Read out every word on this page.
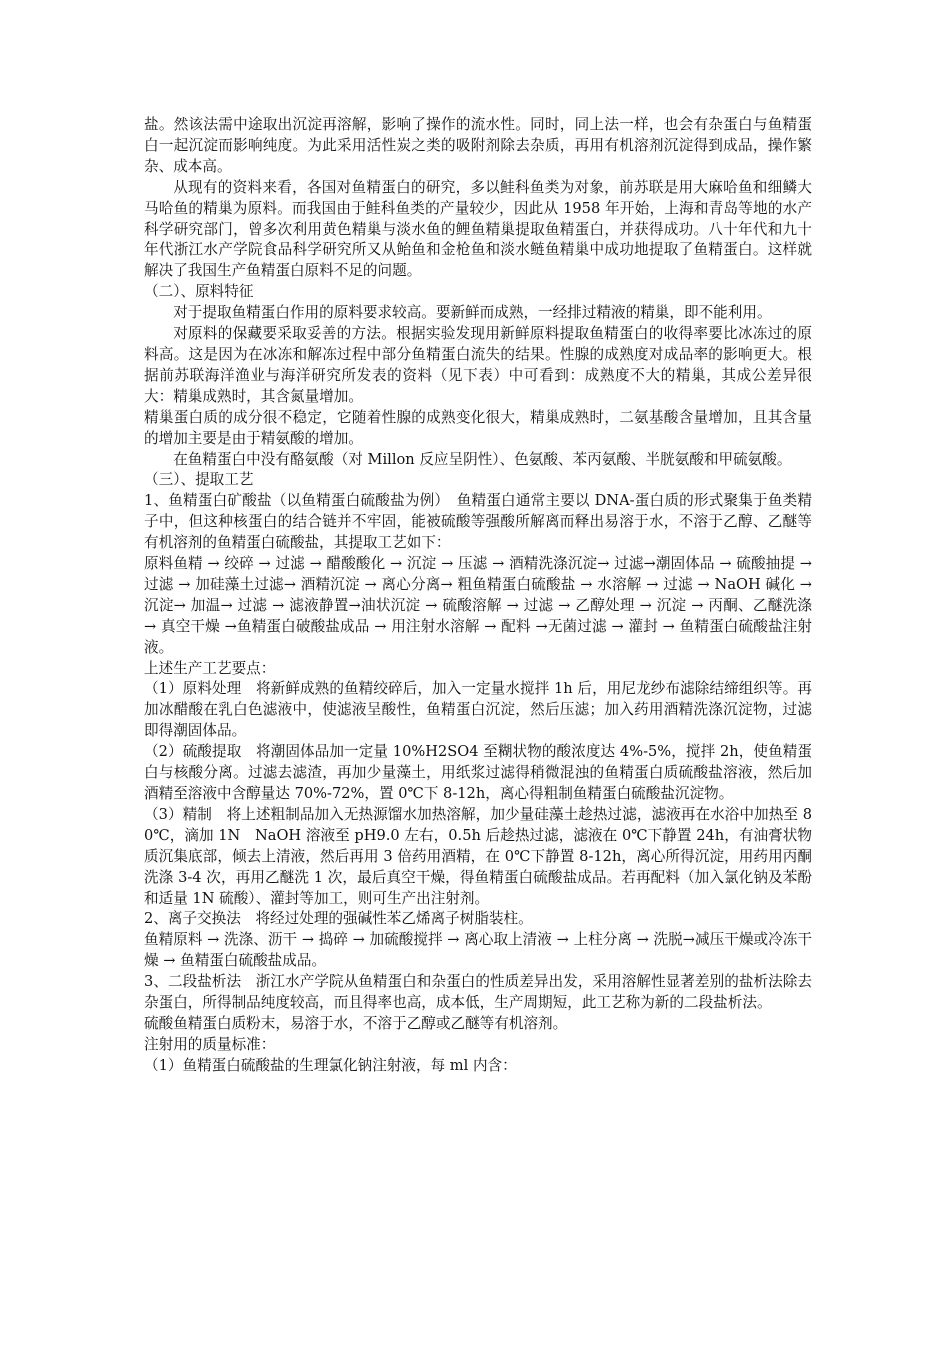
盐。然该法需中途取出沉淀再溶解，影响了操作的流水性。同时，同上法一样，也会有杂蛋白与鱼精蛋白一起沉淀而影响纯度。为此采用活性炭之类的吸附剂除去杂质，再用有机溶剂沉淀得到成品，操作繁杂、成本高。

从现有的资料来看，各国对鱼精蛋白的研究，多以鲑科鱼类为对象，前苏联是用大麻哈鱼和细鳞大马哈鱼的精巢为原料。而我国由于鲑科鱼类的产量较少，因此从 1958 年开始，上海和青岛等地的水产科学研究部门，曾多次利用黄色精巢与淡水鱼的鲤鱼精巢提取鱼精蛋白，并获得成功。八十年代和九十年代浙江水产学院食品科学研究所又从鲐鱼和金枪鱼和淡水鲢鱼精巢中成功地提取了鱼精蛋白。这样就解决了我国生产鱼精蛋白原料不足的问题。

（二）、原料特征

对于提取鱼精蛋白作用的原料要求较高。要新鲜而成熟，一经排过精液的精巢，即不能利用。

对原料的保藏要采取妥善的方法。根据实验发现用新鲜原料提取鱼精蛋白的收得率要比冰冻过的原料高。这是因为在冰冻和解冻过程中部分鱼精蛋白流失的结果。性腺的成熟度对成品率的影响更大。根据前苏联海洋渔业与海洋研究所发表的资料（见下表）中可看到：成熟度不大的精巢，其成公差异很大：精巢成熟时，其含氮量增加。

精巢蛋白质的成分很不稳定，它随着性腺的成熟变化很大，精巢成熟时，二氨基酸含量增加，且其含量的增加主要是由于精氨酸的增加。

在鱼精蛋白中没有酪氨酸（对 Millon 反应呈阴性）、色氨酸、苯丙氨酸、半胱氨酸和甲硫氨酸。

（三）、提取工艺

1、鱼精蛋白矿酸盐（以鱼精蛋白硫酸盐为例）　鱼精蛋白通常主要以 DNA-蛋白质的形式聚集于鱼类精子中，但这种核蛋白的结合链并不牢固，能被硫酸等强酸所解离而释出易溶于水，不溶于乙醇、乙醚等有机溶剂的鱼精蛋白硫酸盐，其提取工艺如下：

原料鱼精 → 绞碎 → 过滤 → 醋酸酸化 → 沉淀 → 压滤 → 酒精洗涤沉淀→ 过滤→潮固体品 → 硫酸抽提 → 过滤 → 加硅藻土过滤→ 酒精沉淀 → 离心分离→ 粗鱼精蛋白硫酸盐 → 水溶解 → 过滤 → NaOH 碱化 → 沉淀→ 加温→ 过滤 → 滤液静置→油状沉淀 → 硫酸溶解 → 过滤 → 乙醇处理 → 沉淀 → 丙酮、乙醚洗涤 → 真空干燥 →鱼精蛋白破酸盐成品 → 用注射水溶解 → 配料 →无菌过滤 → 灌封 → 鱼精蛋白硫酸盐注射液。

上述生产工艺要点：

（1）原料处理　将新鲜成熟的鱼精绞碎后，加入一定量水搅拌 1h 后，用尼龙纱布滤除结缔组织等。再加冰醋酸在乳白色滤液中，使滤液呈酸性，鱼精蛋白沉淀，然后压滤；加入药用酒精洗涤沉淀物，过滤即得潮固体品。

（2）硫酸提取　将潮固体品加一定量 10%H2SO4 至糊状物的酸浓度达 4%-5%，搅拌 2h，使鱼精蛋白与核酸分离。过滤去滤渣，再加少量藻土，用纸浆过滤得稍微混浊的鱼精蛋白质硫酸盐溶液，然后加酒精至溶液中含醇量达 70%-72%，置 0℃下 8-12h，离心得粗制鱼精蛋白硫酸盐沉淀物。

（3）精制　将上述粗制品加入无热源馏水加热溶解，加少量硅藻土趁热过滤，滤液再在水浴中加热至 80℃，滴加 1N　NaOH 溶液至 pH9.0 左右，0.5h 后趁热过滤，滤液在 0℃下静置 24h，有油膏状物质沉集底部，倾去上清液，然后再用 3 倍药用酒精，在 0℃下静置 8-12h，离心所得沉淀，用药用丙酮洗涤 3-4 次，再用乙醚洗 1 次，最后真空干燥，得鱼精蛋白硫酸盐成品。若再配料（加入氯化钠及苯酚和适量 1N 硫酸）、灌封等加工，则可生产出注射剂。

2、离子交换法　将经过处理的强碱性苯乙烯离子树脂装柱。

鱼精原料 → 洗涤、沥干 → 捣碎 → 加硫酸搅拌 → 离心取上清液 → 上柱分离 → 洗脱→减压干燥或冷冻干燥 → 鱼精蛋白硫酸盐成品。

3、二段盐析法　浙江水产学院从鱼精蛋白和杂蛋白的性质差异出发，采用溶解性显著差别的盐析法除去杂蛋白，所得制品纯度较高，而且得率也高，成本低，生产周期短，此工艺称为新的二段盐析法。

硫酸鱼精蛋白质粉末，易溶于水，不溶于乙醇或乙醚等有机溶剂。

注射用的质量标准：

（1）鱼精蛋白硫酸盐的生理氯化钠注射液，每 ml 内含：
